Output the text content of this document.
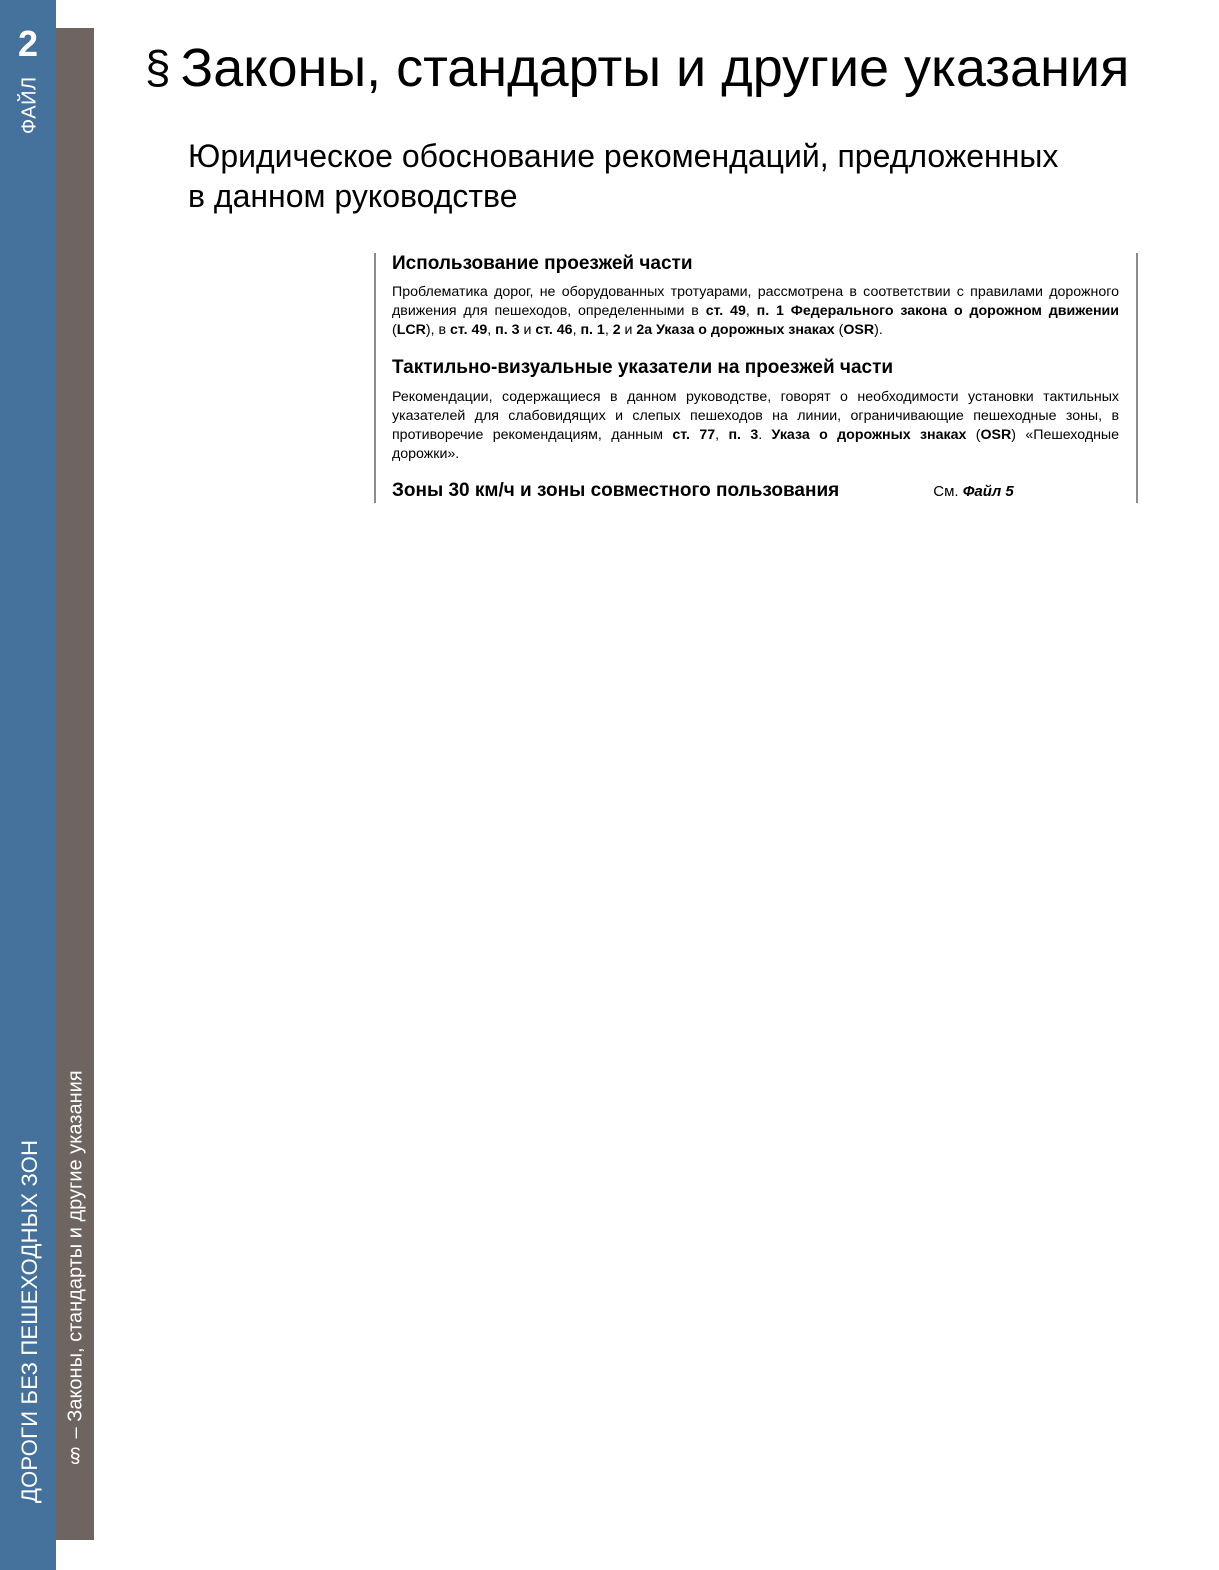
2
ФАЙЛ
ДОРОГИ БЕЗ ПЕШЕХОДНЫХ ЗОН	§ – Законы, стандарты и другие указания
§ Законы, стандарты и другие указания
Юридическое обоснование рекомендаций, предложенных
в данном руководстве
Использование проезжей части

Проблематика дорог, не оборудованных тротуарами, рассмотрена в соответствии с правилами дорожного движения для пешеходов, определенными в ст. 49, п. 1 Федерального закона о дорожном движении (LCR), в ст. 49, п. 3 и ст. 46, п. 1, 2 и 2a Указа о дорожных знаках (OSR).

Тактильно-визуальные указатели на проезжей части

Рекомендации, содержащиеся в данном руководстве, говорят о необходимости установки тактильных указателей для слабовидящих и слепых пешеходов на линии, ограничивающие пешеходные зоны, в противоречие рекомендациям, данным ст. 77, п. 3. Указа о дорожных знаках (OSR) «Пешеходные дорожки».

Зоны 30 км/ч и зоны совместного пользования	См. Файл 5
